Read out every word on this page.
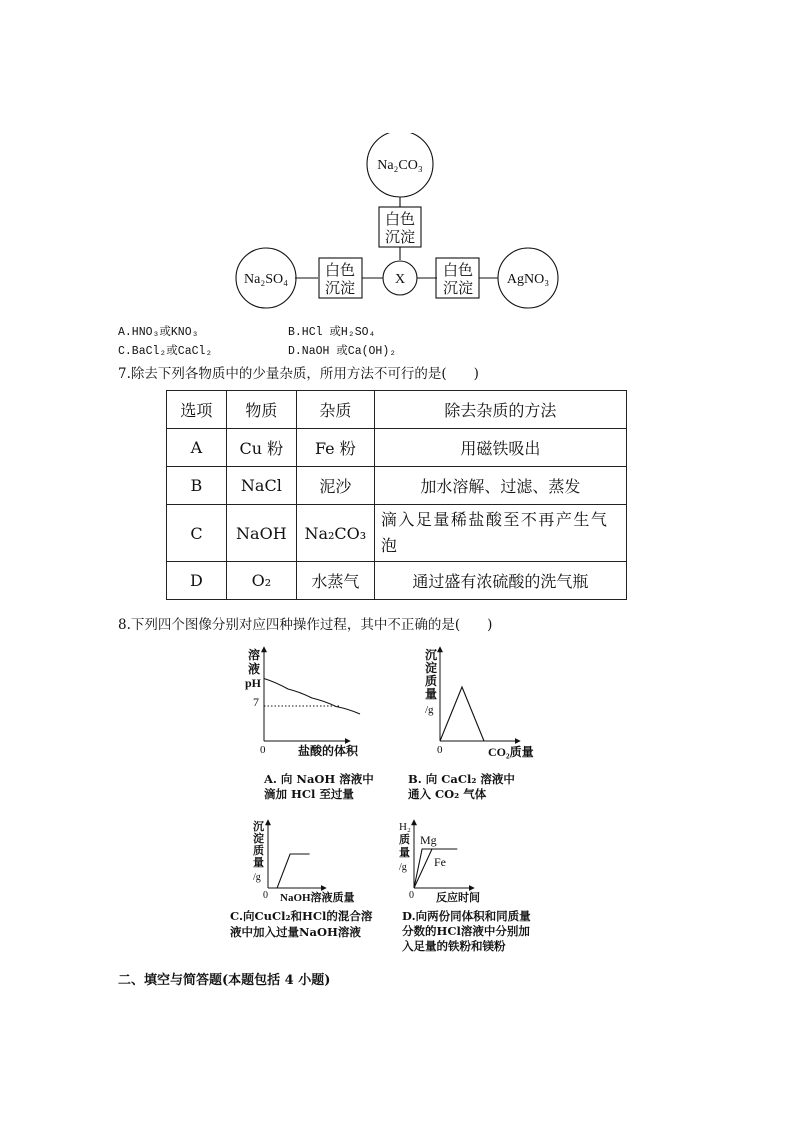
Na₂CO₃
X
Na₂SO₄	AgNO₃
白色
沉淀
白色
沉淀
白色
沉淀
A.HNO₃或KNO₃	B.HCl 或H₂SO₄
C.BaCl₂或CaCl₂	D.NaOH 或Ca(OH)₂
7.除去下列各物质中的少量杂质，所用方法不可行的是(　　)
选项	物质	杂质	除去杂质的方法
A	Cu 粉	Fe 粉	用磁铁吸出
B	NaCl	泥沙	加水溶解、过滤、蒸发
C	NaOH	Na₂CO₃	滴入足量稀盐酸至不再产生气泡
D	O₂	水蒸气	通过盛有浓硫酸的洗气瓶
8.下列四个图像分别对应四种操作过程，其中不正确的是(　　)
溶
液
pH
7
0	盐酸的体积
A. 向 NaOH 溶液中
滴加 HCl 至过量
沉
淀
质
量
/g
0	CO₂质量
B. 向 CaCl₂ 溶液中
通入 CO₂ 气体
沉
淀
质
量
/g
0 NaOH溶液质量
C.向CuCl₂和HCl的混合溶
液中加入过量NaOH溶液
H₂
质
量
/g
Mg
Fe
0 反应时间
D.向两份同体积和同质量
分数的HCl溶液中分别加
入足量的铁粉和镁粉
二、填空与简答题(本题包括 4 小题)
